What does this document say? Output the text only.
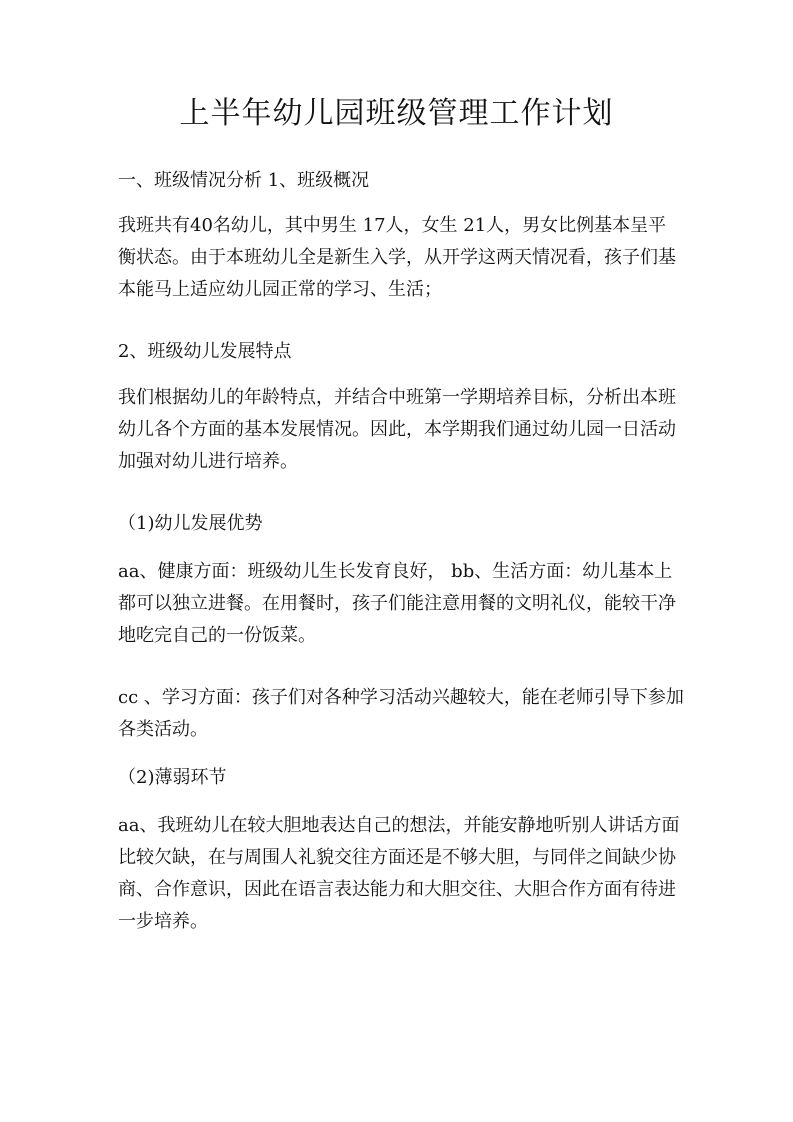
上半年幼儿园班级管理工作计划

一、班级情况分析 1、班级概况

我班共有40名幼儿，其中男生 17人，女生 21人，男女比例基本呈平衡状态。由于本班幼儿全是新生入学，从开学这两天情况看，孩子们基本能马上适应幼儿园正常的学习、生活；

2、班级幼儿发展特点

我们根据幼儿的年龄特点，并结合中班第一学期培养目标，分析出本班幼儿各个方面的基本发展情况。因此，本学期我们通过幼儿园一日活动加强对幼儿进行培养。

（1)幼儿发展优势

aa、健康方面：班级幼儿生长发育良好， bb、生活方面：幼儿基本上都可以独立进餐。在用餐时，孩子们能注意用餐的文明礼仪，能较干净地吃完自己的一份饭菜。

cc 、学习方面：孩子们对各种学习活动兴趣较大，能在老师引导下参加各类活动。

（2)薄弱环节

aa、我班幼儿在较大胆地表达自己的想法，并能安静地听别人讲话方面比较欠缺，在与周围人礼貌交往方面还是不够大胆，与同伴之间缺少协商、合作意识，因此在语言表达能力和大胆交往、大胆合作方面有待进一步培养。
